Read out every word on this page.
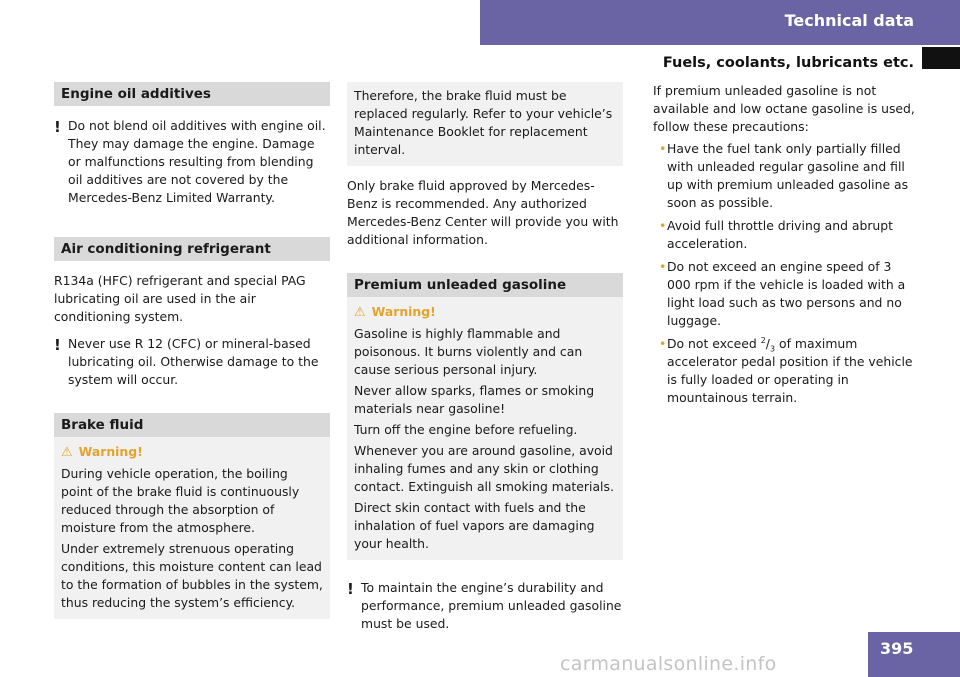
Technical data
Fuels, coolants, lubricants etc.
Engine oil additives

! Do not blend oil additives with engine oil. They may damage the engine. Damage or malfunctions resulting from blending oil additives are not covered by the Mercedes-Benz Limited Warranty.

Air conditioning refrigerant

R134a (HFC) refrigerant and special PAG lubricating oil are used in the air conditioning system.

! Never use R 12 (CFC) or mineral-based lubricating oil. Otherwise damage to the system will occur.

Brake fluid
⚠ Warning!

During vehicle operation, the boiling point of the brake fluid is continuously reduced through the absorption of moisture from the atmosphere.

Under extremely strenuous operating conditions, this moisture content can lead to the formation of bubbles in the system, thus reducing the system’s efficiency.

Therefore, the brake fluid must be replaced regularly. Refer to your vehicle’s Maintenance Booklet for replacement interval.

Only brake fluid approved by Mercedes-Benz is recommended. Any authorized Mercedes-Benz Center will provide you with additional information.

Premium unleaded gasoline
⚠ Warning!

Gasoline is highly flammable and poisonous. It burns violently and can cause serious personal injury.

Never allow sparks, flames or smoking materials near gasoline!

Turn off the engine before refueling.

Whenever you are around gasoline, avoid inhaling fumes and any skin or clothing contact. Extinguish all smoking materials.

Direct skin contact with fuels and the inhalation of fuel vapors are damaging your health.

! To maintain the engine’s durability and performance, premium unleaded gasoline must be used.

If premium unleaded gasoline is not available and low octane gasoline is used, follow these precautions:

• Have the fuel tank only partially filled with unleaded regular gasoline and fill up with premium unleaded gasoline as soon as possible.
• Avoid full throttle driving and abrupt acceleration.
• Do not exceed an engine speed of 3 000 rpm if the vehicle is loaded with a light load such as two persons and no luggage.
• Do not exceed $^2/_3$ of maximum accelerator pedal position if the vehicle is fully loaded or operating in mountainous terrain.
395
carmanualsonline.info
